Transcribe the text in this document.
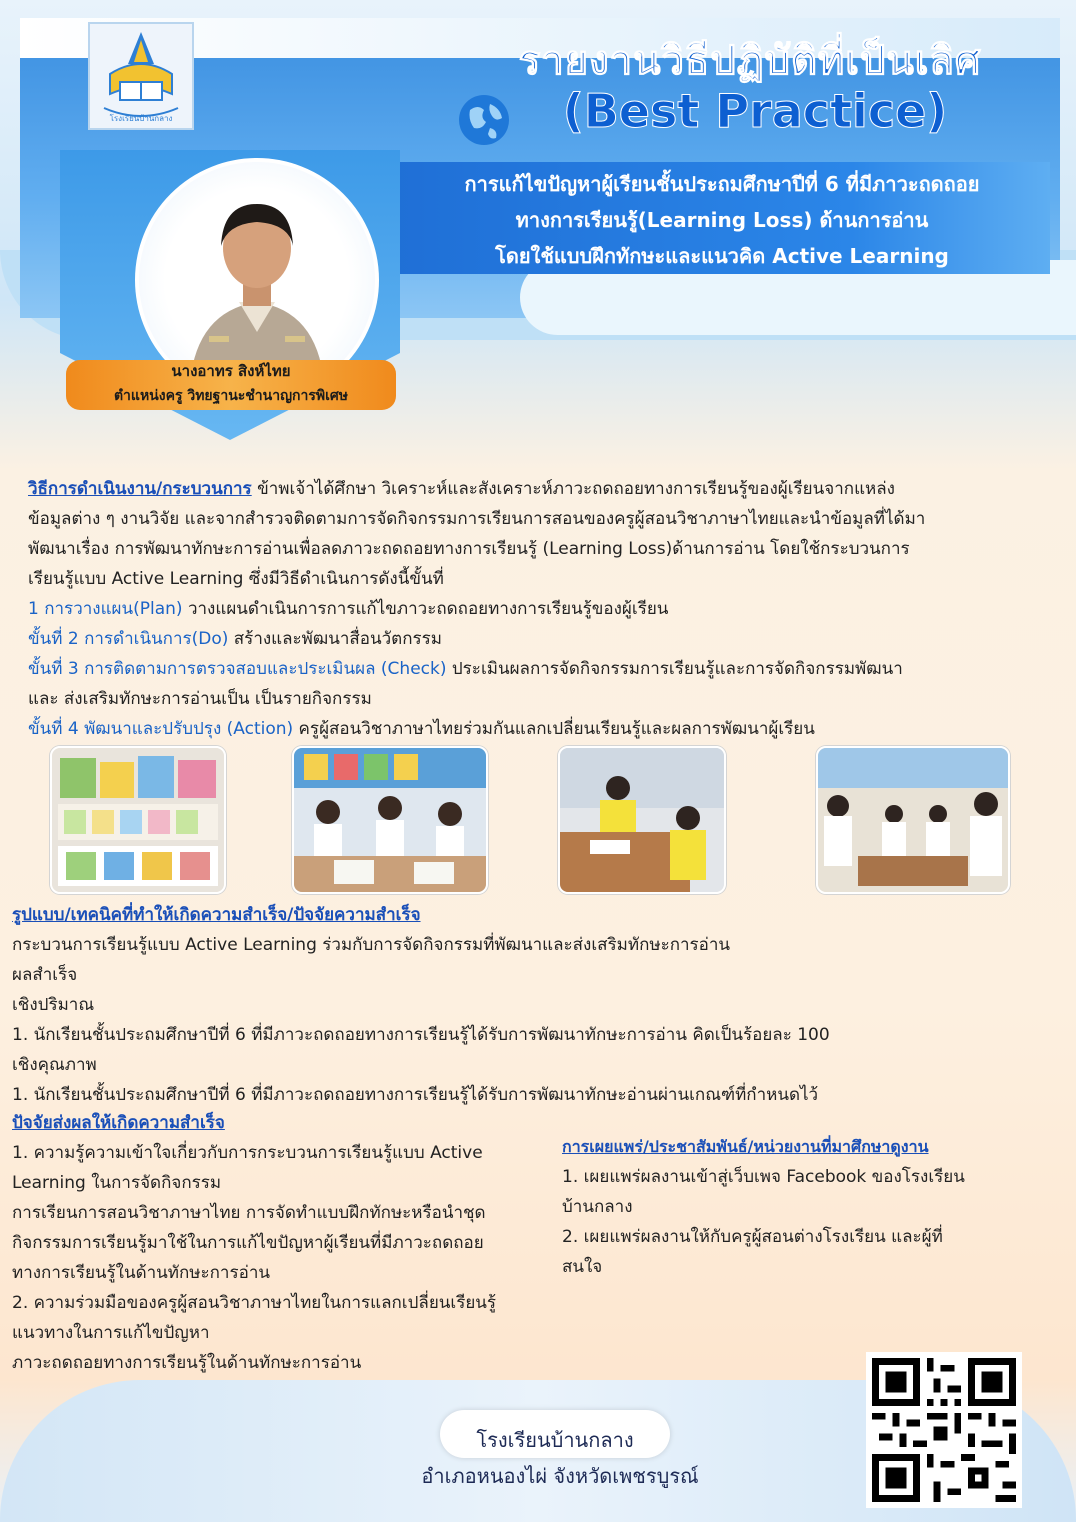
โรงเรียนบ้านกลาง
รายงานวิธีปฏิบัติที่เป็นเลิศ
(Best Practice)
การแก้ไขปัญหาผู้เรียนชั้นประถมศึกษาปีที่ 6 ที่มีภาวะถดถอย
ทางการเรียนรู้(Learning Loss) ด้านการอ่าน
โดยใช้แบบฝึกทักษะและแนวคิด Active Learning
นางอาทร สิงห์ไทย
ตำแหน่งครู วิทยฐานะชำนาญการพิเศษ
วิธีการดำเนินงาน/กระบวนการ ข้าพเจ้าได้ศึกษา วิเคราะห์และสังเคราะห์ภาวะถดถอยทางการเรียนรู้ของผู้เรียนจากแหล่ง
ข้อมูลต่าง ๆ งานวิจัย และจากสำรวจติดตามการจัดกิจกรรมการเรียนการสอนของครูผู้สอนวิชาภาษาไทยและนำข้อมูลที่ได้มา
พัฒนาเรื่อง การพัฒนาทักษะการอ่านเพื่อลดภาวะถดถอยทางการเรียนรู้ (Learning Loss)ด้านการอ่าน โดยใช้กระบวนการ
เรียนรู้แบบ Active Learning ซึ่งมีวิธีดำเนินการดังนี้ขั้นที่
1 การวางแผน(Plan) วางแผนดำเนินการการแก้ไขภาวะถดถอยทางการเรียนรู้ของผู้เรียน
ขั้นที่ 2 การดำเนินการ(Do) สร้างและพัฒนาสื่อนวัตกรรม
ขั้นที่ 3 การติดตามการตรวจสอบและประเมินผล (Check) ประเมินผลการจัดกิจกรรมการเรียนรู้และการจัดกิจกรรมพัฒนา
และ ส่งเสริมทักษะการอ่านเป็น เป็นรายกิจกรรม
ขั้นที่ 4 พัฒนาและปรับปรุง (Action) ครูผู้สอนวิชาภาษาไทยร่วมกันแลกเปลี่ยนเรียนรู้และผลการพัฒนาผู้เรียน
รูปแบบ/เทคนิคที่ทำให้เกิดความสำเร็จ/ปัจจัยความสำเร็จ
กระบวนการเรียนรู้แบบ Active Learning ร่วมกับการจัดกิจกรรมที่พัฒนาและส่งเสริมทักษะการอ่าน
ผลสำเร็จ
เชิงปริมาณ
1. นักเรียนชั้นประถมศึกษาปีที่ 6 ที่มีภาวะถดถอยทางการเรียนรู้ได้รับการพัฒนาทักษะการอ่าน คิดเป็นร้อยละ 100
เชิงคุณภาพ
1. นักเรียนชั้นประถมศึกษาปีที่ 6 ที่มีภาวะถดถอยทางการเรียนรู้ได้รับการพัฒนาทักษะอ่านผ่านเกณฑ์ที่กำหนดไว้
ปัจจัยส่งผลให้เกิดความสำเร็จ
1. ความรู้ความเข้าใจเกี่ยวกับการกระบวนการเรียนรู้แบบ Active
Learning ในการจัดกิจกรรม
การเรียนการสอนวิชาภาษาไทย การจัดทำแบบฝึกทักษะหรือนำชุด
กิจกรรมการเรียนรู้มาใช้ในการแก้ไขปัญหาผู้เรียนที่มีภาวะถดถอย
ทางการเรียนรู้ในด้านทักษะการอ่าน
2. ความร่วมมือของครูผู้สอนวิชาภาษาไทยในการแลกเปลี่ยนเรียนรู้
แนวทางในการแก้ไขปัญหา
ภาวะถดถอยทางการเรียนรู้ในด้านทักษะการอ่าน
การเผยแพร่/ประชาสัมพันธ์/หน่วยงานที่มาศึกษาดูงาน
1. เผยแพร่ผลงานเข้าสู่เว็บเพจ Facebook ของโรงเรียน
บ้านกลาง
2. เผยแพร่ผลงานให้กับครูผู้สอนต่างโรงเรียน และผู้ที่
สนใจ
โรงเรียนบ้านกลาง
อำเภอหนองไผ่ จังหวัดเพชรบูรณ์
